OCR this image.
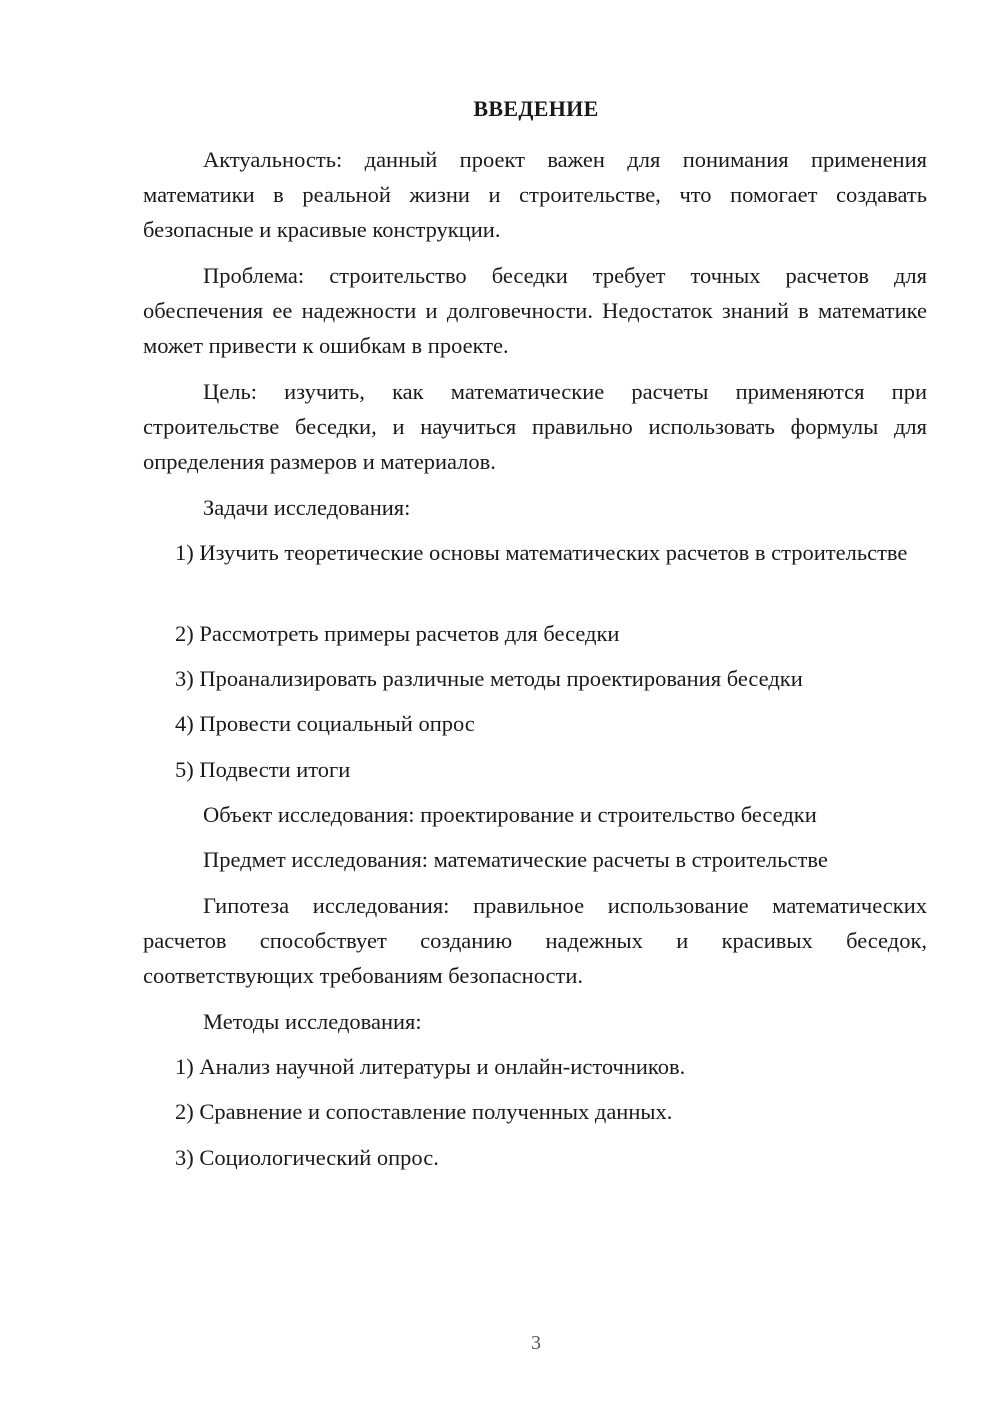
ВВЕДЕНИЕ
Актуальность: данный проект важен для понимания применения математики в реальной жизни и строительстве, что помогает создавать безопасные и красивые конструкции.
Проблема: строительство беседки требует точных расчетов для обеспечения ее надежности и долговечности. Недостаток знаний в математике может привести к ошибкам в проекте.
Цель: изучить, как математические расчеты применяются при строительстве беседки, и научиться правильно использовать формулы для определения размеров и материалов.
Задачи исследования:
1) Изучить теоретические основы математических расчетов в строительстве
2) Рассмотреть примеры расчетов для беседки
3) Проанализировать различные методы проектирования беседки
4) Провести социальный опрос
5) Подвести итоги
Объект исследования: проектирование и строительство беседки
Предмет исследования: математические расчеты в строительстве
Гипотеза исследования: правильное использование математических расчетов способствует созданию надежных и красивых беседок, соответствующих требованиям безопасности.
Методы исследования:
1) Анализ научной литературы и онлайн-источников.
2) Сравнение и сопоставление полученных данных.
3) Социологический опрос.
3
